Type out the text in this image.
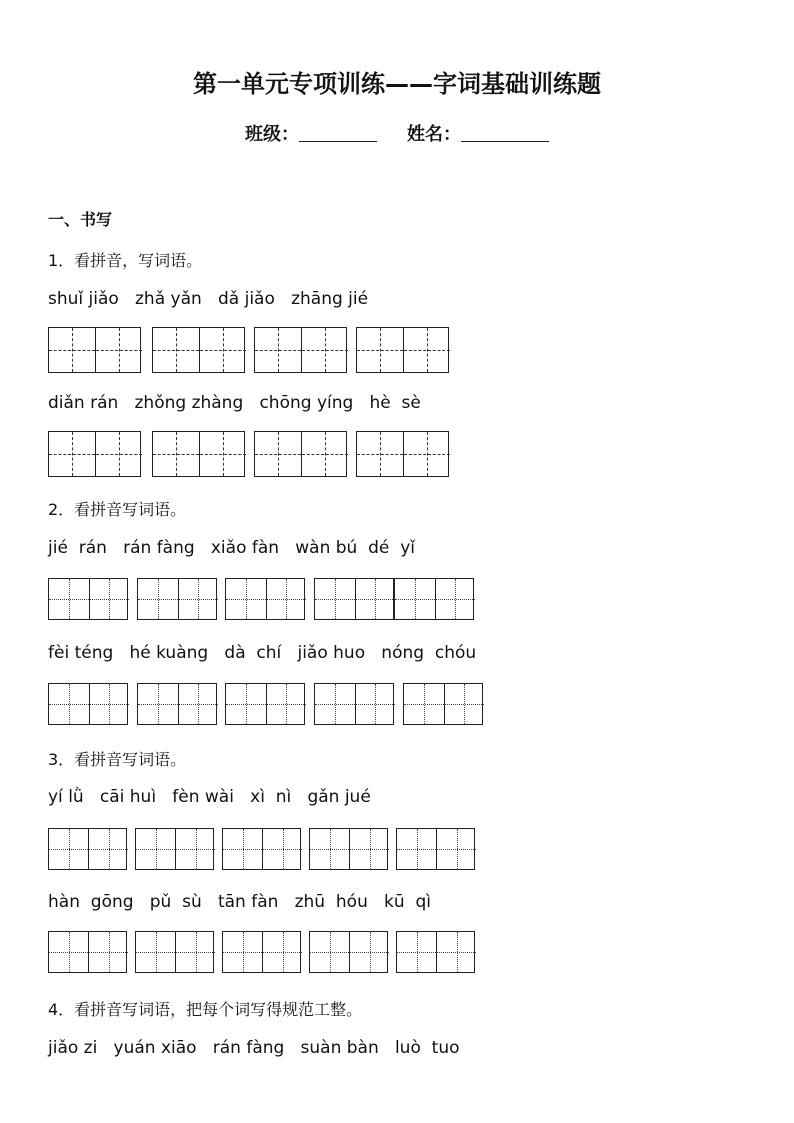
第一单元专项训练——字词基础训练题
班级：	姓名：
一、书写
1．看拼音，写词语。
shuǐ jiǎo   zhǎ yǎn   dǎ jiǎo   zhāng jié
diǎn rán   zhǒng zhàng   chōng yíng   hè  sè
2．看拼音写词语。
jié  rán   rán fàng   xiǎo fàn   wàn bú  dé  yǐ
fèi téng   hé kuàng   dà  chí   jiǎo huo   nóng  chóu
3．看拼音写词语。
yí lǜ   cāi huì   fèn wài   xì  nì   gǎn jué
hàn  gōng   pǔ  sù   tān fàn   zhū  hóu   kū  qì
4．看拼音写词语，把每个词写得规范工整。
jiǎo zi   yuán xiāo   rán fàng   suàn bàn   luò  tuo
